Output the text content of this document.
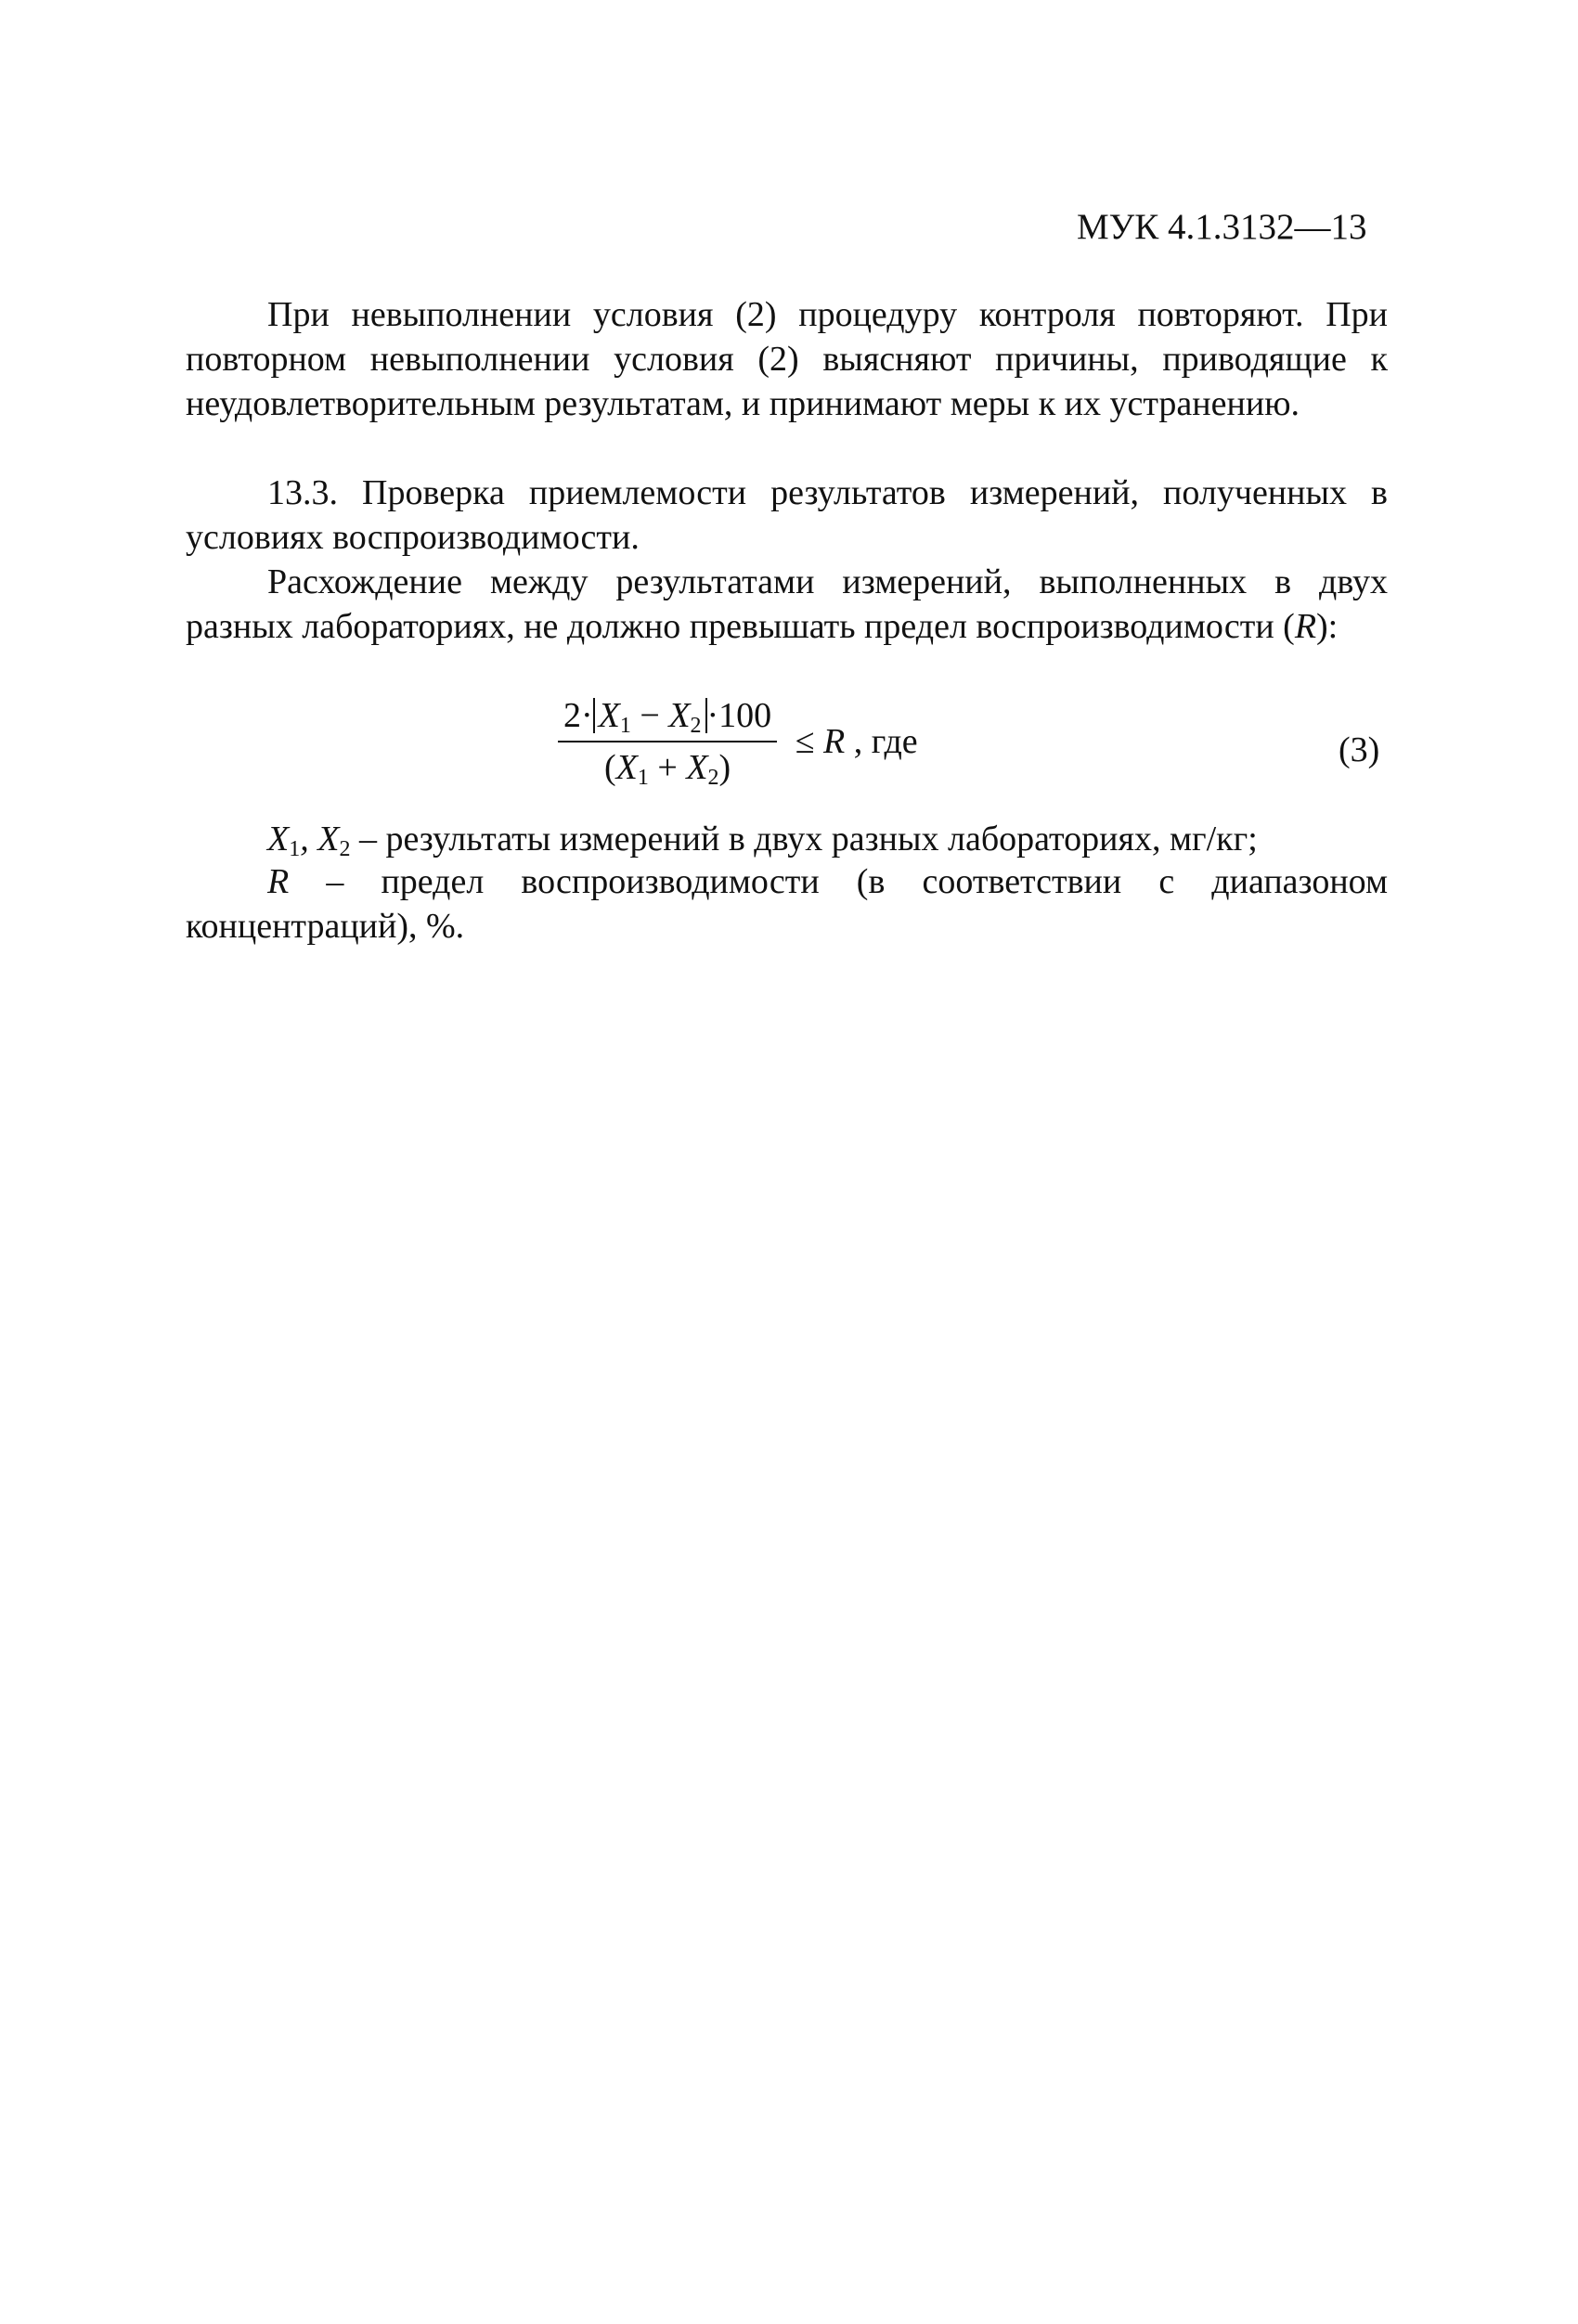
МУК 4.1.3132—13

При невыполнении условия (2) процедуру контроля повторяют. При повторном невыполнении условия (2) выясняют причины, приводящие к неудовлетворительным результатам, и принимают меры к их устранению.

13.3. Проверка приемлемости результатов измерений, полученных в условиях воспроизводимости.

Расхождение между результатами измерений, выполненных в двух разных лабораториях, не должно превышать предел воспроизводимости (R):

$\frac{2\cdot X_1 - X_2 \cdot 100}{(X_1 + X_2)} \le R$ , где	(3)

$X_1$, $X_2$ – результаты измерений в двух разных лабораториях, мг/кг;

R – предел воспроизводимости (в соответствии с диапазоном концентраций), %.
